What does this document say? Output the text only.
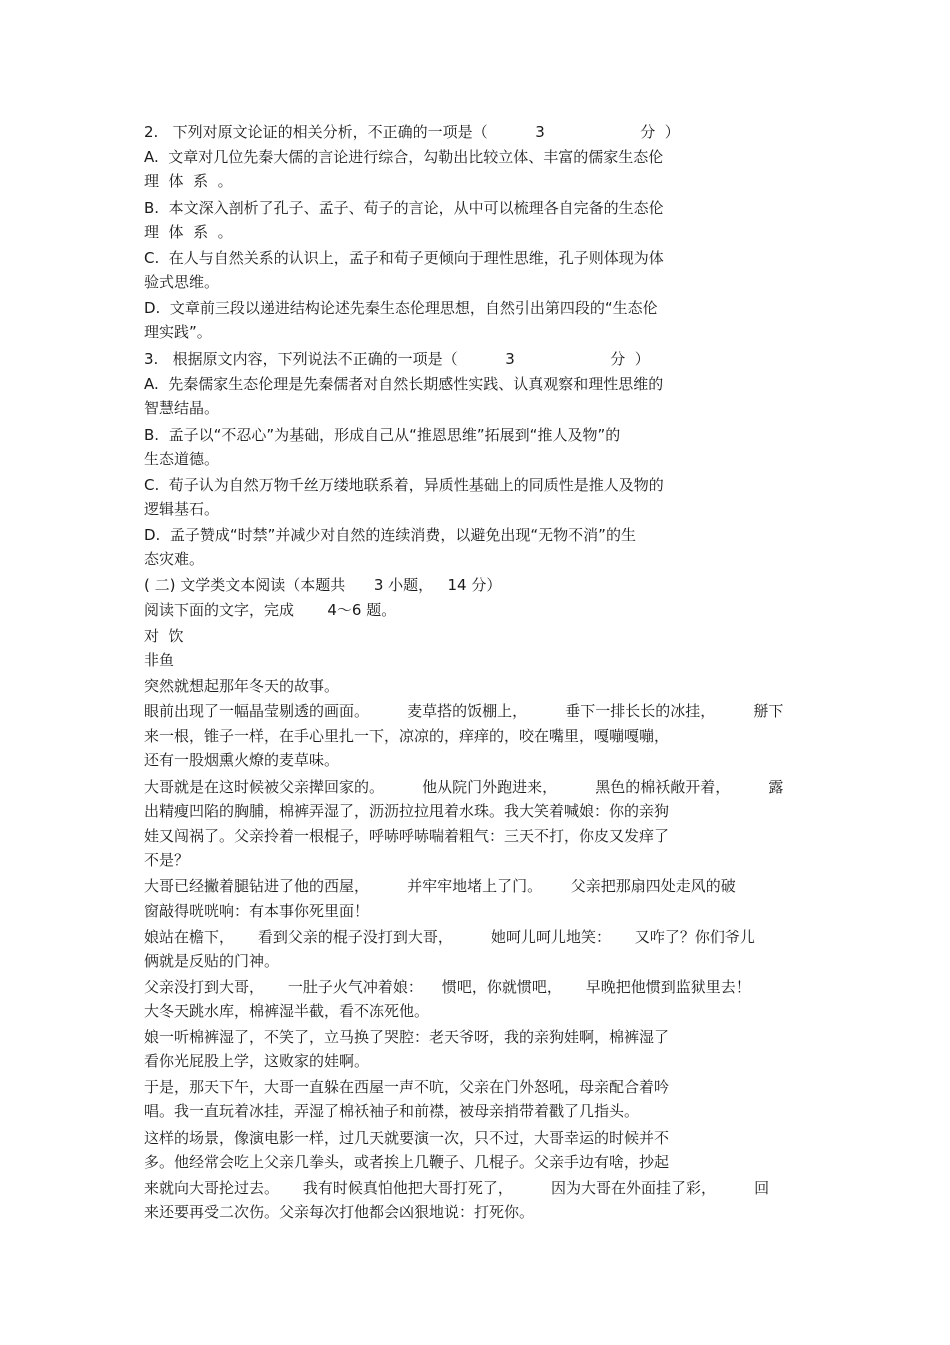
2.   下列对原文论证的相关分析，不正确的一项是（          3                    分  ）

A.  文章对几位先秦大儒的言论进行综合，勾勒出比较立体、丰富的儒家生态伦

理  体  系  。

B.  本文深入剖析了孔子、孟子、荀子的言论，从中可以梳理各自完备的生态伦

理  体  系  。

C.  在人与自然关系的认识上，孟子和荀子更倾向于理性思维，孔子则体现为体

验式思维。

D.  文章前三段以递进结构论述先秦生态伦理思想，自然引出第四段的“生态伦

理实践”。

3.   根据原文内容，下列说法不正确的一项是（          3                    分  ）

A.  先秦儒家生态伦理是先秦儒者对自然长期感性实践、认真观察和理性思维的

智慧结晶。

B.  孟子以“不忍心”为基础，形成自己从“推恩思维”拓展到“推人及物”的

生态道德。

C.  荀子认为自然万物千丝万缕地联系着，异质性基础上的同质性是推人及物的

逻辑基石。

D.  孟子赞成“时禁”并减少对自然的连续消费，以避免出现“无物不消”的生

态灾难。

( 二) 文学类文本阅读（本题共      3 小题，   14 分）

阅读下面的文字，完成       4～6 题。

对  饮

非鱼

突然就想起那年冬天的故事。

眼前出现了一幅晶莹剔透的画面。        麦草搭的饭棚上，        垂下一排长长的冰挂，        掰下

来一根，锥子一样，在手心里扎一下，凉凉的，痒痒的，咬在嘴里，嘎嘣嘎嘣，

还有一股烟熏火燎的麦草味。

大哥就是在这时候被父亲撵回家的。        他从院门外跑进来，        黑色的棉袄敞开着，        露

出精瘦凹陷的胸脯，棉裤弄湿了，沥沥拉拉甩着水珠。我大笑着喊娘：你的亲狗

娃又闯祸了。父亲拎着一根棍子，呼哧呼哧喘着粗气：三天不打，你皮又发痒了

不是？

大哥已经撇着腿钻进了他的西屋，        并牢牢地堵上了门。      父亲把那扇四处走风的破

窗敲得咣咣响：有本事你死里面！

娘站在檐下，     看到父亲的棍子没打到大哥，        她呵儿呵儿地笑：     又咋了？你们爷儿

俩就是反贴的门神。

父亲没打到大哥，     一肚子火气冲着娘：    惯吧，你就惯吧，     早晚把他惯到监狱里去！

大冬天跳水库，棉裤湿半截，看不冻死他。

娘一听棉裤湿了，不笑了，立马换了哭腔：老天爷呀，我的亲狗娃啊，棉裤湿了

看你光屁股上学，这败家的娃啊。

于是，那天下午，大哥一直躲在西屋一声不吭，父亲在门外怒吼，母亲配合着吟

唱。我一直玩着冰挂，弄湿了棉袄袖子和前襟，被母亲捎带着戳了几指头。

这样的场景，像演电影一样，过几天就要演一次，只不过，大哥幸运的时候并不

多。他经常会吃上父亲几拳头，或者挨上几鞭子、几棍子。父亲手边有啥，抄起

来就向大哥抡过去。     我有时候真怕他把大哥打死了，        因为大哥在外面挂了彩，        回

来还要再受二次伤。父亲每次打他都会凶狠地说：打死你。
